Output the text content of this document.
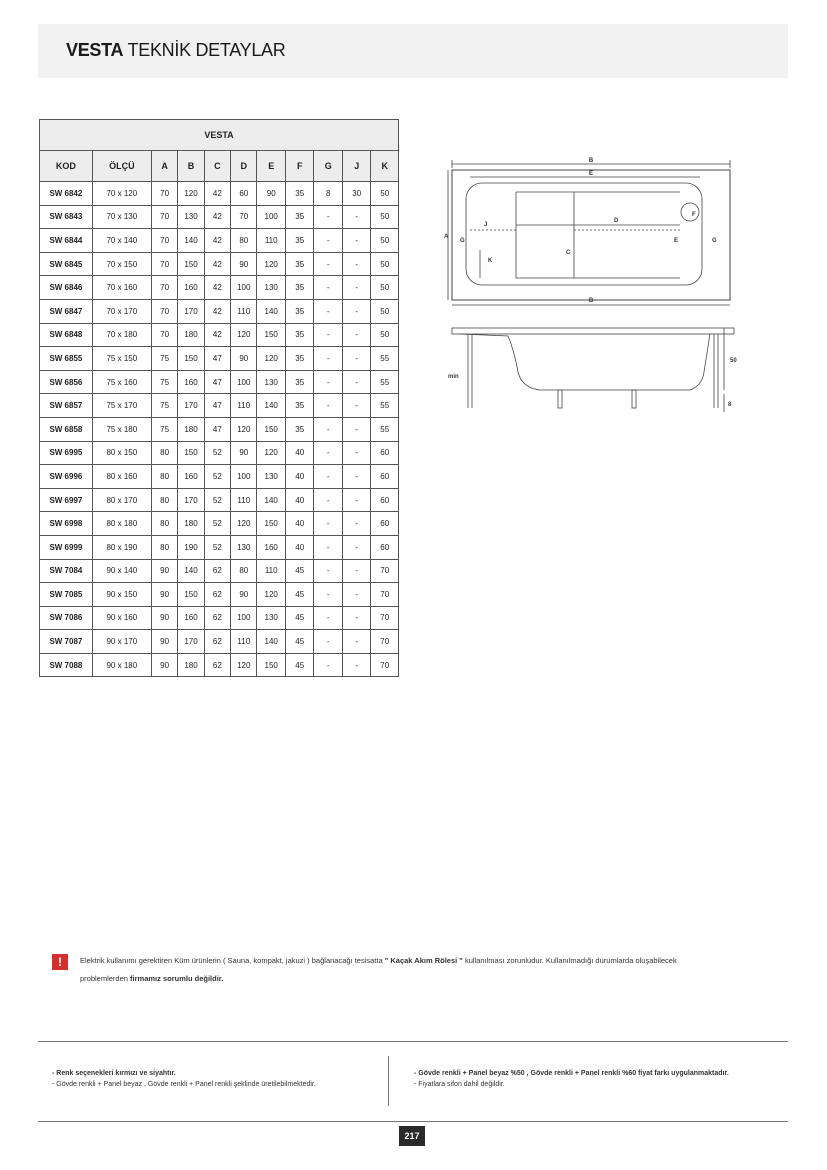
VESTA TEKNİK DETAYLAR
VESTA										
KOD	ÖLÇÜ	A	B	C	D	E	F	G	J	K
SW 6842	70 x 120	70	120	42	60	90	35	8	30	50
SW 6843	70 x 130	70	130	42	70	100	35	-	-	50
SW 6844	70 x 140	70	140	42	80	110	35	-	-	50
SW 6845	70 x 150	70	150	42	90	120	35	-	-	50
SW 6846	70 x 160	70	160	42	100	130	35	-	-	50
SW 6847	70 x 170	70	170	42	110	140	35	-	-	50
SW 6848	70 x 180	70	180	42	120	150	35	-	-	50
SW 6855	75 x 150	75	150	47	90	120	35	-	-	55
SW 6856	75 x 160	75	160	47	100	130	35	-	-	55
SW 6857	75 x 170	75	170	47	110	140	35	-	-	55
SW 6858	75 x 180	75	180	47	120	150	35	-	-	55
SW 6995	80 x 150	80	150	52	90	120	40	-	-	60
SW 6996	80 x 160	80	160	52	100	130	40	-	-	60
SW 6997	80 x 170	80	170	52	110	140	40	-	-	60
SW 6998	80 x 180	80	180	52	120	150	40	-	-	60
SW 6999	80 x 190	80	190	52	130	160	40	-	-	60
SW 7084	90 x 140	90	140	62	80	110	45	-	-	70
SW 7085	90 x 150	90	150	62	90	120	45	-	-	70
SW 7086	90 x 160	90	160	62	100	130	45	-	-	70
SW 7087	90 x 170	90	170	62	110	140	45	-	-	70
SW 7088	90 x 180	90	180	62	120	150	45	-	-	70
B
E
J
K
D
C
F
E
G	G
B
A
50
min
8
!	Elektrik kullanımı gerektiren Küm ürünlerin ( Sauna, kompakt, jakuzi ) bağlanacağı tesisatta " Kaçak Akım Rölesi " kullanılması zorunludur. Kullanılmadığı durumlarda oluşabilecek
problemlerden firmamız sorumlu değildir.
- Renk seçenekleri kırmızı ve siyahtır.
- Gövde renkli + Panel beyaz , Gövde renkli + Panel renkli şeklinde üretilebilmektedir.
- Gövde renkli + Panel beyaz %50 , Gövde renkli + Panel renkli %60 fiyat farkı uygulanmaktadır.
- Fiyatlara sifon dahil değildir.
217
